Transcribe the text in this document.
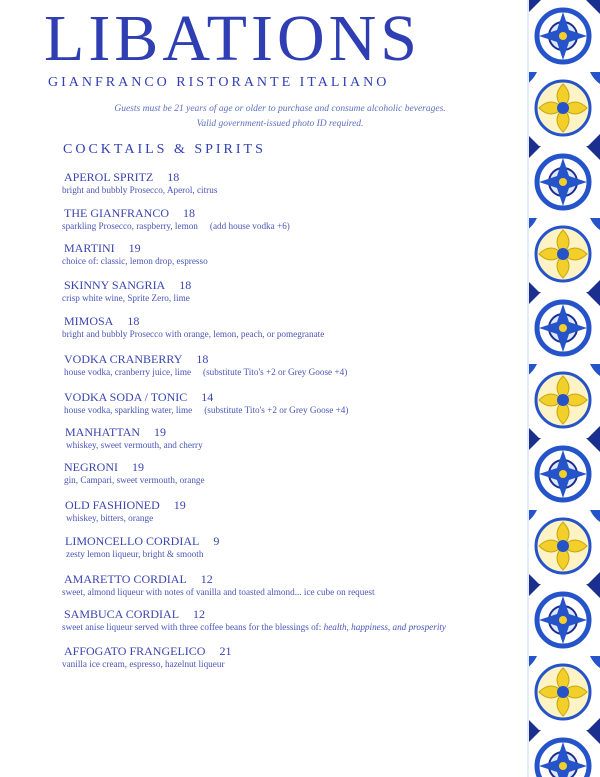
LIBATIONS
GIANFRANCO RISTORANTE ITALIANO
Guests must be 21 years of age or older to purchase and consume alcoholic beverages.
Valid government-issued photo ID required.
COCKTAILS & SPIRITS
APEROL SPRITZ 18
bright and bubbly Prosecco, Aperol, citrus
THE GIANFRANCO 18
sparkling Prosecco, raspberry, lemon (add house vodka +6)
MARTINI 19
choice of: classic, lemon drop, espresso
SKINNY SANGRIA 18
crisp white wine, Sprite Zero, lime
MIMOSA 18
bright and bubbly Prosecco with orange, lemon, peach, or pomegranate
VODKA CRANBERRY 18
house vodka, cranberry juice, lime (substitute Tito's +2 or Grey Goose +4)
VODKA SODA / TONIC 14
house vodka, sparkling water, lime (substitute Tito's +2 or Grey Goose +4)
MANHATTAN 19
whiskey, sweet vermouth, and cherry
NEGRONI 19
gin, Campari, sweet vermouth, orange
OLD FASHIONED 19
whiskey, bitters, orange
LIMONCELLO CORDIAL 9
zesty lemon liqueur, bright & smooth
AMARETTO CORDIAL 12
sweet, almond liqueur with notes of vanilla and toasted almond... ice cube on request
SAMBUCA CORDIAL 12
sweet anise liqueur served with three coffee beans for the blessings of: health, happiness, and prosperity
AFFOGATO FRANGELICO 21
vanilla ice cream, espresso, hazelnut liqueur
